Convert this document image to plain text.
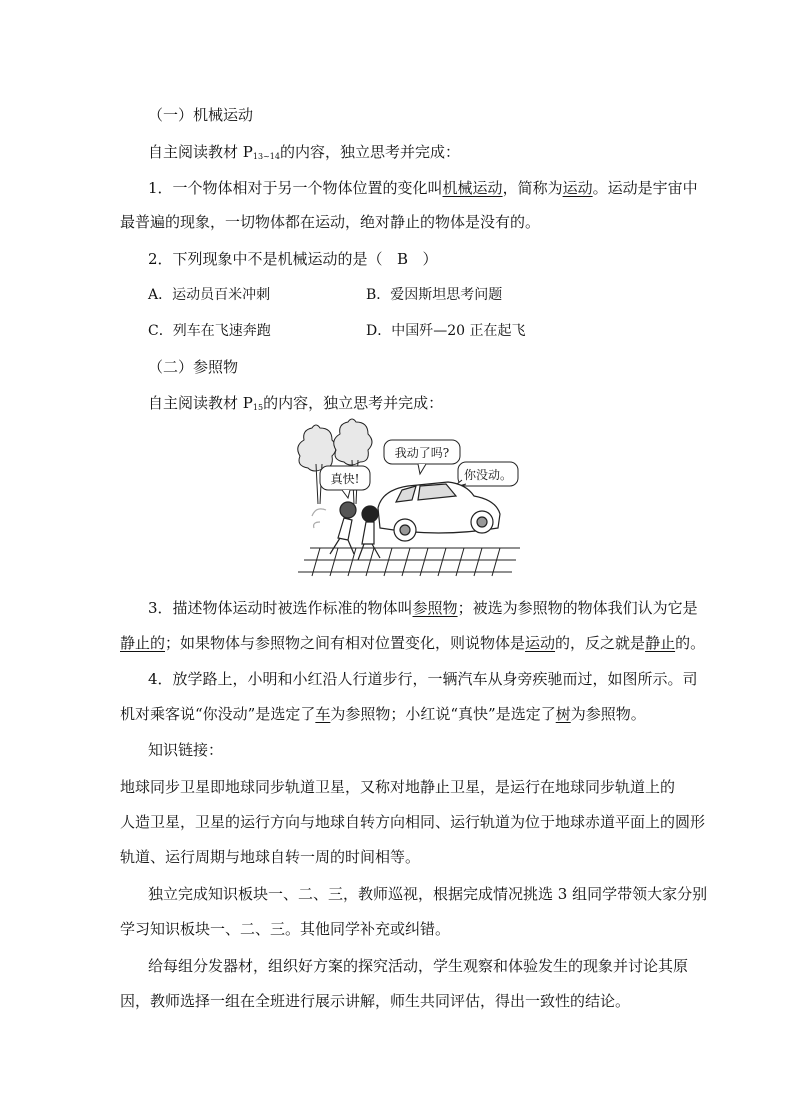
（一）机械运动
自主阅读教材 $P_{13\sim 14}$的内容，独立思考并完成：
1．一个物体相对于另一个物体位置的变化叫机械运动，简称为运动。运动是宇宙中
最普遍的现象，一切物体都在运动，绝对静止的物体是没有的。
2．下列现象中不是机械运动的是（ B ）
A．运动员百米冲刺	B．爱因斯坦思考问题
C．列车在飞速奔跑	D．中国歼—20 正在起飞
（二）参照物
自主阅读教材 $P_{15}$的内容，独立思考并完成：
真快!
我动了吗?
你没动。
3．描述物体运动时被选作标准的物体叫参照物；被选为参照物的物体我们认为它是
静止的；如果物体与参照物之间有相对位置变化，则说物体是运动的，反之就是静止的。
4．放学路上，小明和小红沿人行道步行，一辆汽车从身旁疾驰而过，如图所示。司
机对乘客说“你没动”是选定了车为参照物；小红说“真快”是选定了树为参照物。
知识链接：
地球同步卫星即地球同步轨道卫星，又称对地静止卫星，是运行在地球同步轨道上的
人造卫星，卫星的运行方向与地球自转方向相同、运行轨道为位于地球赤道平面上的圆形
轨道、运行周期与地球自转一周的时间相等。
独立完成知识板块一、二、三，教师巡视，根据完成情况挑选 3 组同学带领大家分别
学习知识板块一、二、三。其他同学补充或纠错。
给每组分发器材，组织好方案的探究活动，学生观察和体验发生的现象并讨论其原
因，教师选择一组在全班进行展示讲解，师生共同评估，得出一致性的结论。
